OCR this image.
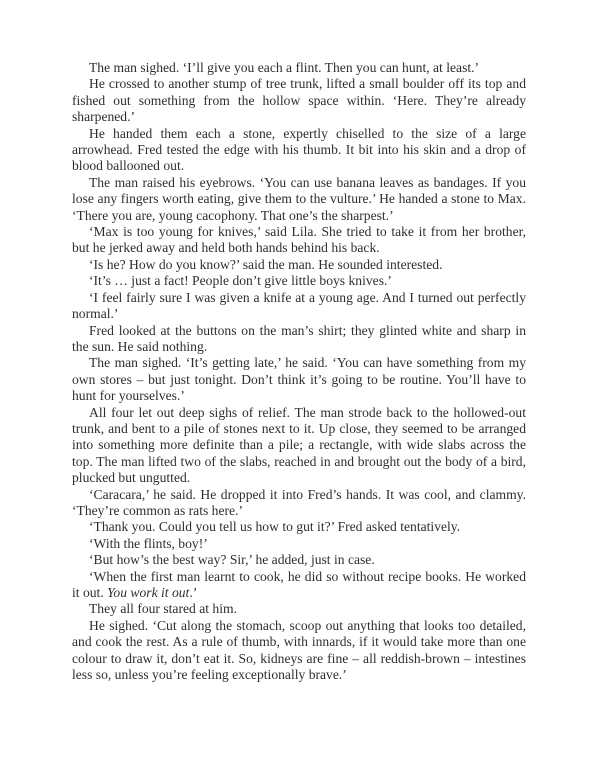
The man sighed. ‘I’ll give you each a flint. Then you can hunt, at least.’

He crossed to another stump of tree trunk, lifted a small boulder off its top and fished out something from the hollow space within. ‘Here. They’re already sharpened.’

He handed them each a stone, expertly chiselled to the size of a large arrowhead. Fred tested the edge with his thumb. It bit into his skin and a drop of blood ballooned out.

The man raised his eyebrows. ‘You can use banana leaves as bandages. If you lose any fingers worth eating, give them to the vulture.’ He handed a stone to Max. ‘There you are, young cacophony. That one’s the sharpest.’

‘Max is too young for knives,’ said Lila. She tried to take it from her brother, but he jerked away and held both hands behind his back.

‘Is he? How do you know?’ said the man. He sounded interested.

‘It’s … just a fact! People don’t give little boys knives.’

‘I feel fairly sure I was given a knife at a young age. And I turned out perfectly normal.’

Fred looked at the buttons on the man’s shirt; they glinted white and sharp in the sun. He said nothing.

The man sighed. ‘It’s getting late,’ he said. ‘You can have something from my own stores – but just tonight. Don’t think it’s going to be routine. You’ll have to hunt for yourselves.’

All four let out deep sighs of relief. The man strode back to the hollowed-out trunk, and bent to a pile of stones next to it. Up close, they seemed to be arranged into something more definite than a pile; a rectangle, with wide slabs across the top. The man lifted two of the slabs, reached in and brought out the body of a bird, plucked but ungutted.

‘Caracara,’ he said. He dropped it into Fred’s hands. It was cool, and clammy. ‘They’re common as rats here.’

‘Thank you. Could you tell us how to gut it?’ Fred asked tentatively.

‘With the flints, boy!’

‘But how’s the best way? Sir,’ he added, just in case.

‘When the first man learnt to cook, he did so without recipe books. He worked it out. You work it out.’

They all four stared at him.

He sighed. ‘Cut along the stomach, scoop out anything that looks too detailed, and cook the rest. As a rule of thumb, with innards, if it would take more than one colour to draw it, don’t eat it. So, kidneys are fine – all reddish-brown – intestines less so, unless you’re feeling exceptionally brave.’
